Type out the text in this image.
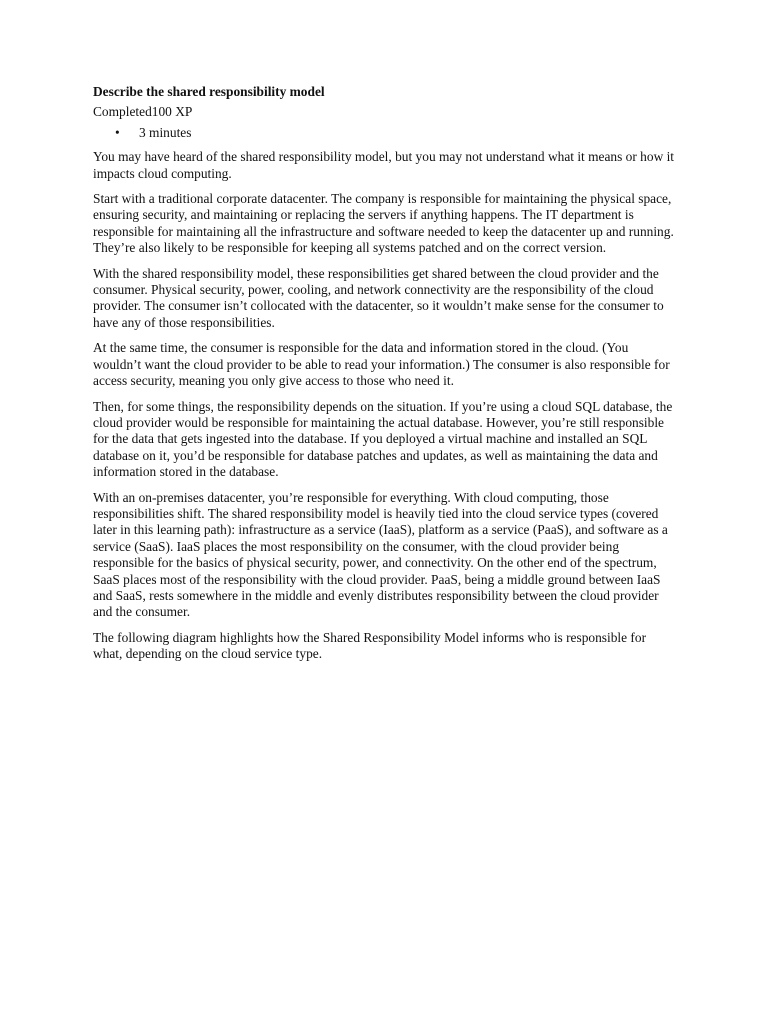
Describe the shared responsibility model
Completed100 XP
• 3 minutes

You may have heard of the shared responsibility model, but you may not understand what it means or how it impacts cloud computing.

Start with a traditional corporate datacenter. The company is responsible for maintaining the physical space, ensuring security, and maintaining or replacing the servers if anything happens. The IT department is responsible for maintaining all the infrastructure and software needed to keep the datacenter up and running. They’re also likely to be responsible for keeping all systems patched and on the correct version.

With the shared responsibility model, these responsibilities get shared between the cloud provider and the consumer. Physical security, power, cooling, and network connectivity are the responsibility of the cloud provider. The consumer isn’t collocated with the datacenter, so it wouldn’t make sense for the consumer to have any of those responsibilities.

At the same time, the consumer is responsible for the data and information stored in the cloud. (You wouldn’t want the cloud provider to be able to read your information.) The consumer is also responsible for access security, meaning you only give access to those who need it.

Then, for some things, the responsibility depends on the situation. If you’re using a cloud SQL database, the cloud provider would be responsible for maintaining the actual database. However, you’re still responsible for the data that gets ingested into the database. If you deployed a virtual machine and installed an SQL database on it, you’d be responsible for database patches and updates, as well as maintaining the data and information stored in the database.

With an on-premises datacenter, you’re responsible for everything. With cloud computing, those responsibilities shift. The shared responsibility model is heavily tied into the cloud service types (covered later in this learning path): infrastructure as a service (IaaS), platform as a service (PaaS), and software as a service (SaaS). IaaS places the most responsibility on the consumer, with the cloud provider being responsible for the basics of physical security, power, and connectivity. On the other end of the spectrum, SaaS places most of the responsibility with the cloud provider. PaaS, being a middle ground between IaaS and SaaS, rests somewhere in the middle and evenly distributes responsibility between the cloud provider and the consumer.

The following diagram highlights how the Shared Responsibility Model informs who is responsible for what, depending on the cloud service type.
